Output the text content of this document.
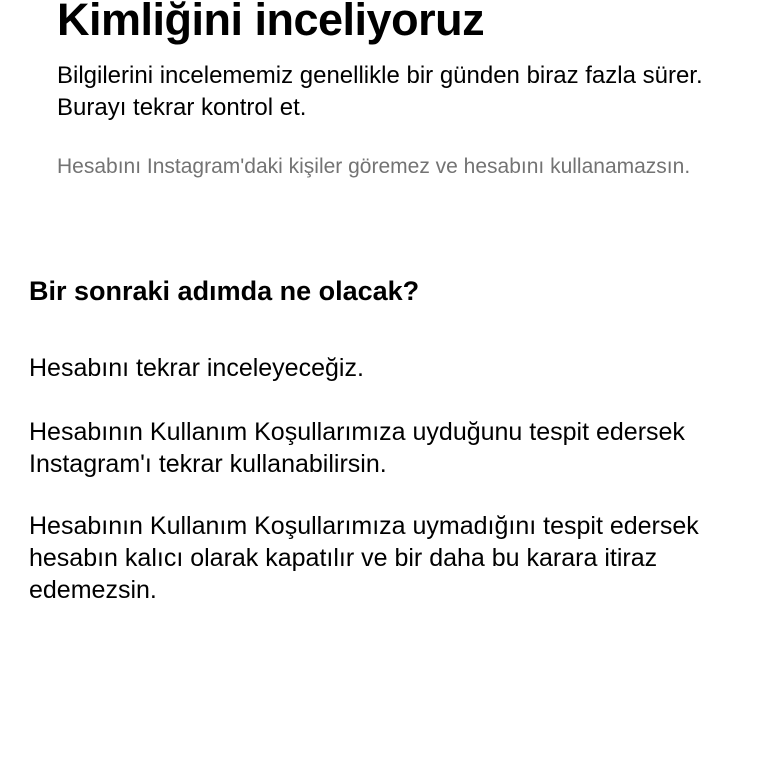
Kimliğini inceliyoruz
Bilgilerini incelememiz genellikle bir günden biraz fazla sürer. Burayı tekrar kontrol et.
Hesabını Instagram'daki kişiler göremez ve hesabını kullanamazsın.
Bir sonraki adımda ne olacak?
Hesabını tekrar inceleyeceğiz.
Hesabının Kullanım Koşullarımıza uyduğunu tespit edersek Instagram'ı tekrar kullanabilirsin.
Hesabının Kullanım Koşullarımıza uymadığını tespit edersek hesabın kalıcı olarak kapatılır ve bir daha bu karara itiraz edemezsin.
